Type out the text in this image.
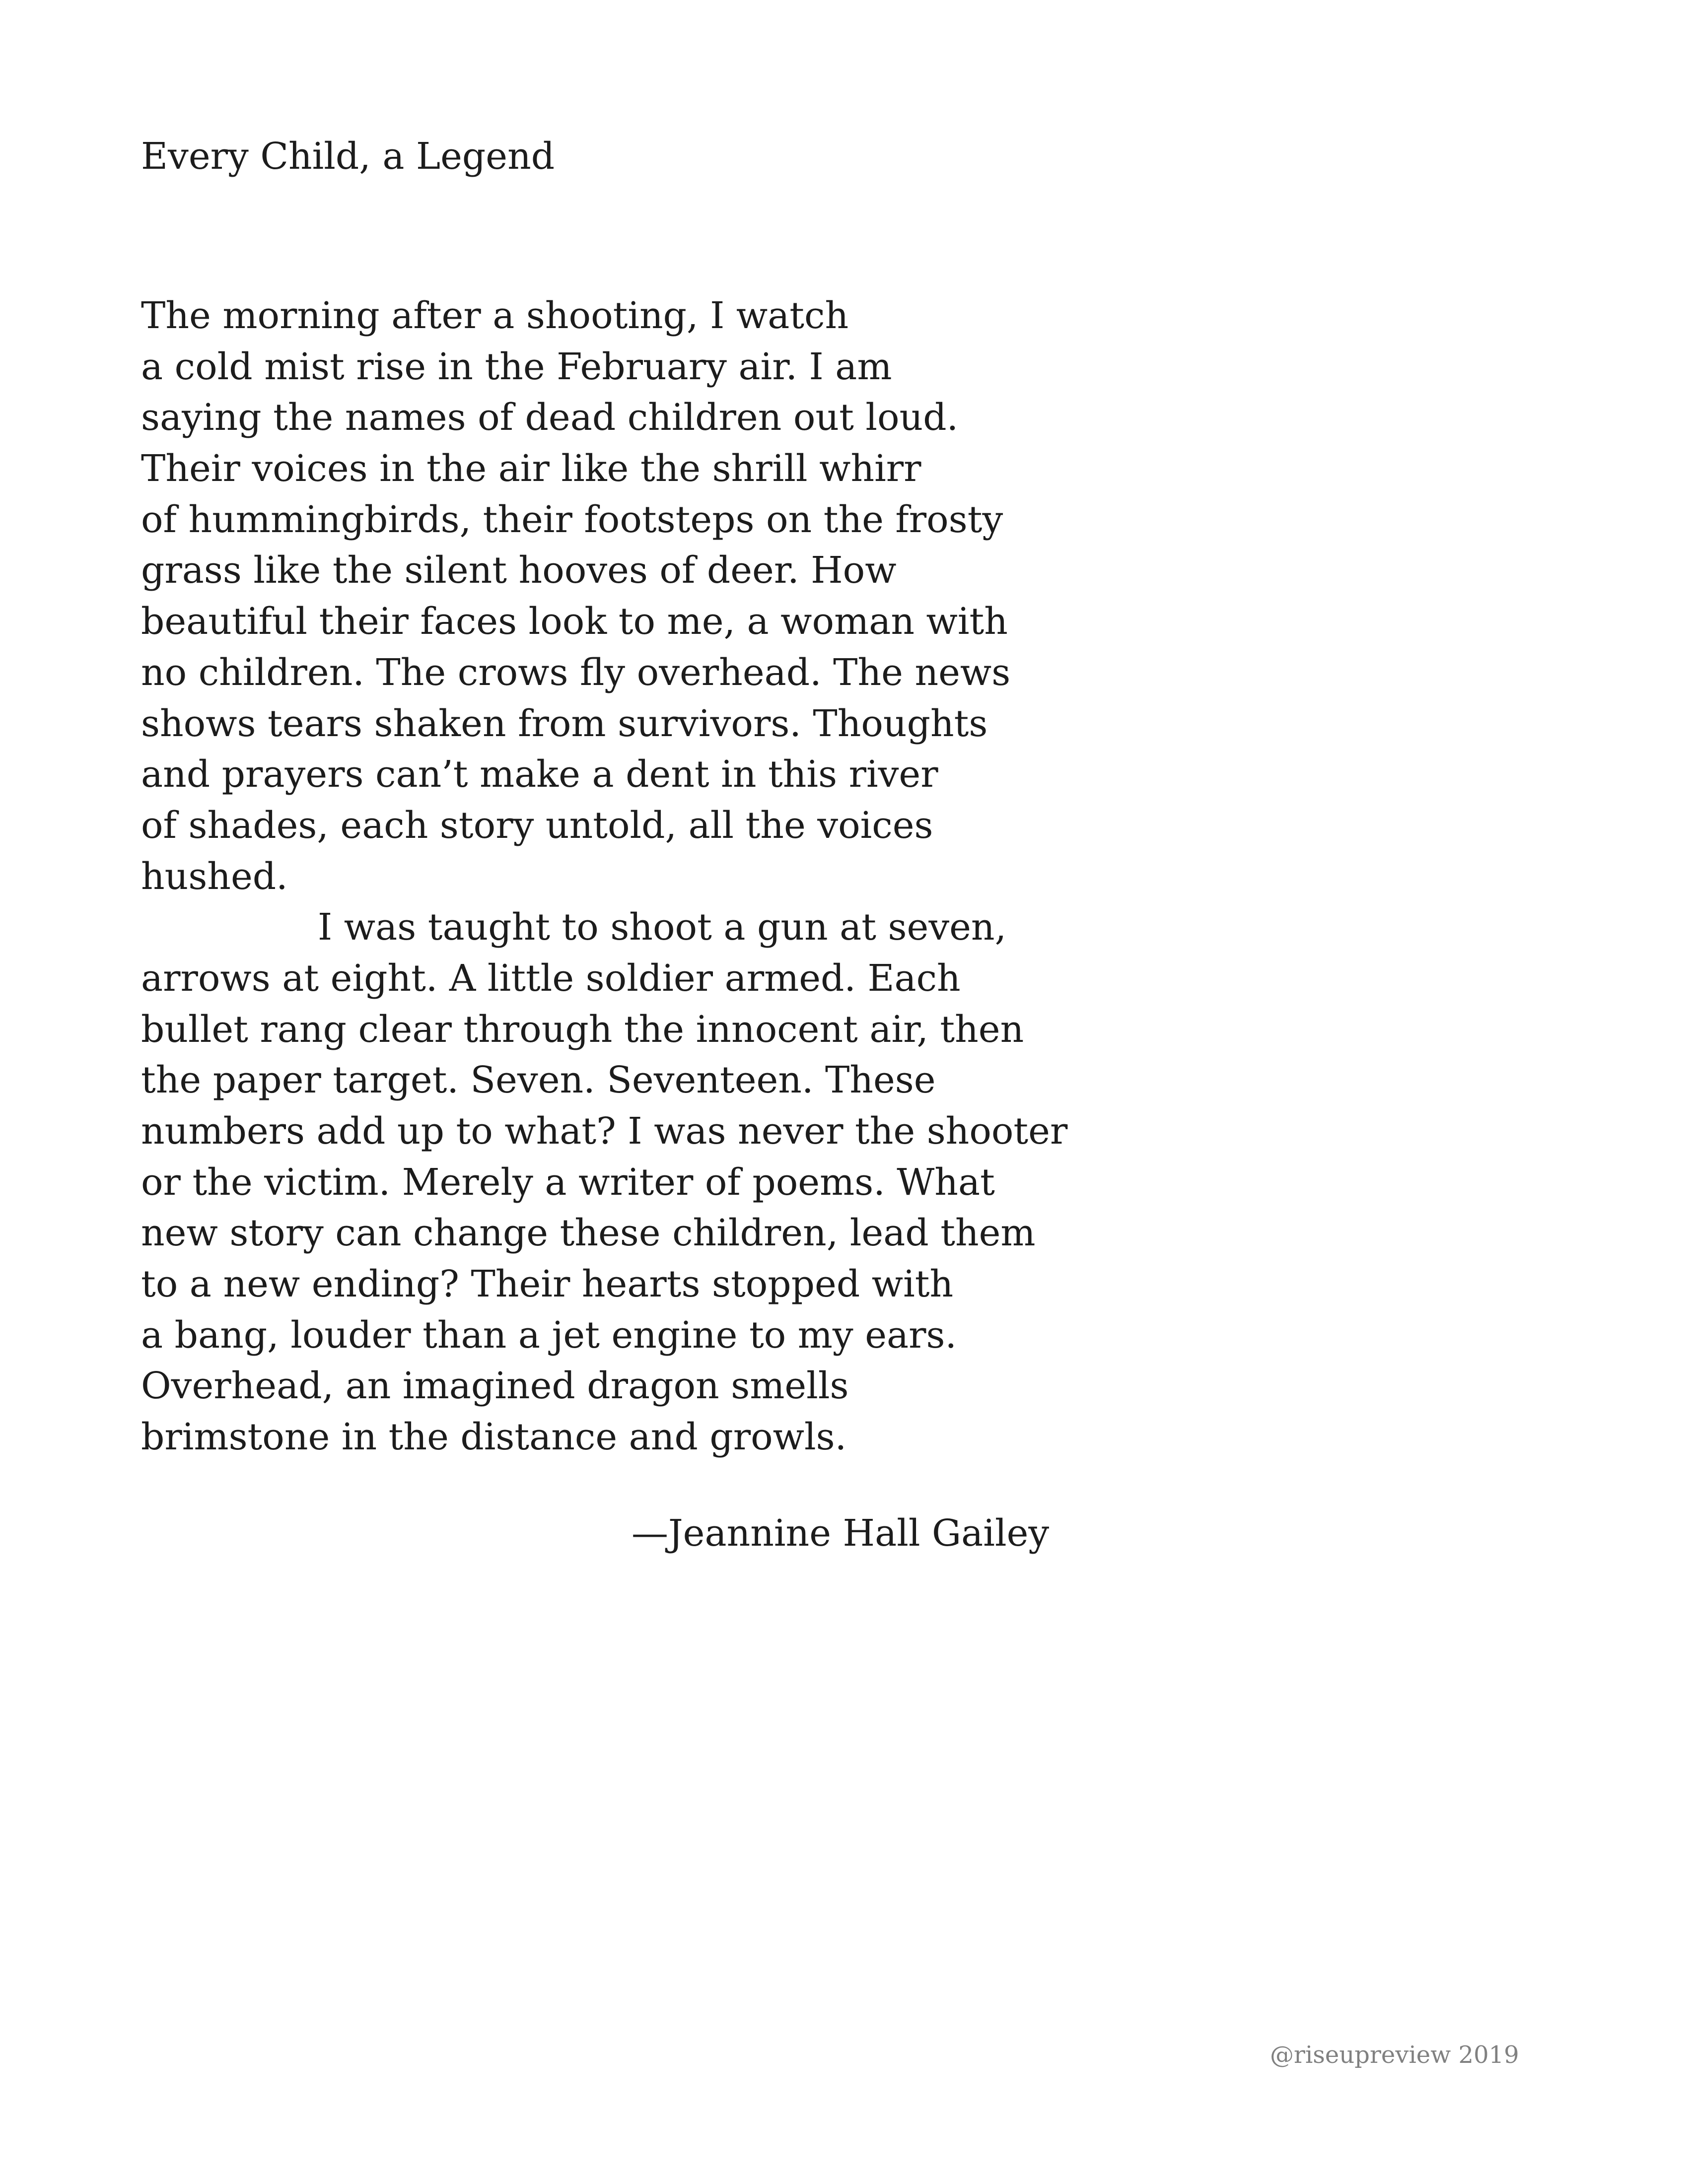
Every Child, a Legend
The morning after a shooting, I watch
a cold mist rise in the February air. I am
saying the names of dead children out loud.
Their voices in the air like the shrill whirr
of hummingbirds, their footsteps on the frosty
grass like the silent hooves of deer. How
beautiful their faces look to me, a woman with
no children. The crows fly overhead. The news
shows tears shaken from survivors. Thoughts
and prayers can’t make a dent in this river
of shades, each story untold, all the voices
hushed.
I was taught to shoot a gun at seven,
arrows at eight. A little soldier armed. Each
bullet rang clear through the innocent air, then
the paper target. Seven. Seventeen. These
numbers add up to what? I was never the shooter
or the victim. Merely a writer of poems. What
new story can change these children, lead them
to a new ending? Their hearts stopped with
a bang, louder than a jet engine to my ears.
Overhead, an imagined dragon smells
brimstone in the distance and growls.

—Jeannine Hall Gailey

@riseupreview 2019
